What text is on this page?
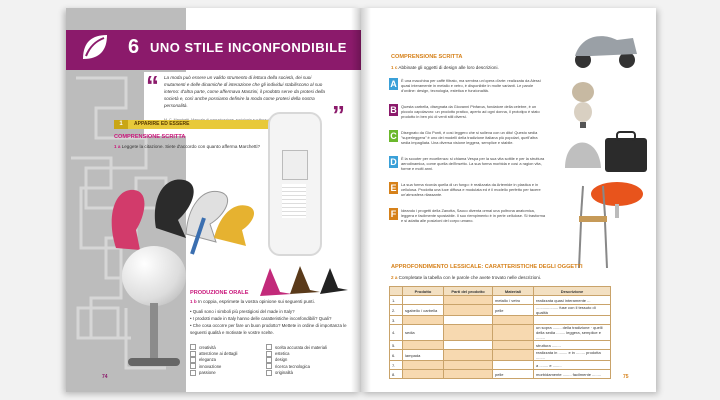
6 UNO STILE INCONFONDIBILE
“ La moda può essere un valido strumento di lettura della società, dei suoi mutamenti e delle dinamiche di interazione che gli individui stabiliscono al suo interno: d'altra parte, come affermava Manzini, il prodotto serve da protesi della società e, così anche possiamo definire la moda come protesi della nostra personalità.	”
1	APPARIRE ED ESSERE
COMPRENSIONE SCRITTA
1 a Leggete la citazione. Siete d'accordo con quanto afferma Marchetti?
PRODUZIONE ORALE
1 b In coppia, esprimete la vostra opinione sui seguenti punti.
• Quali sono i simboli più prestigiosi del made in Italy?
• I prodotti made in Italy hanno delle caratteristiche inconfondibili? Quali?
• Che cosa occorre per fare un buon prodotto? Mettete in ordine di importanza le seguenti qualità e motivate le vostre scelte.
creatività
attenzione ai dettagli
eleganza
innovazione
passione
scelta accurata dei materiali
estetica
design
ricerca tecnologica
originalità
74
COMPRENSIONE SCRITTA
1 c Abbinate gli oggetti di design alle loro descrizioni.
A	È una macchina per caffè filtrato, ma sembra un'opera d'arte: realizzata da Alessi quasi interamente in metallo e vetro, è disponibile in molte varianti. Le parole d'ordine: design, tecnologia, estetica e funzionalità.
B	Questa carbella, disegnata da Giovanni Pinfaroa, fondatore della celebre, è un piccolo capolavoro: un prodotto pratico, aperto ad ogni donna, il prototipo è stato prodotto in ben più di venti stili diversi.
C	Disegnato da Gio Ponti, è così leggero che si solleva con un dito! Questo sedia "superleggera" è uno dei modelli della tradizione italiana più popolari, quell'altra sedia impagliata. Una diversa visione leggera, semplice e stabile.
D	È la scooter per eccellenza: si chiama Vespa per la sua vita sottile e per la struttura aerodinamica, come quella dell'insetto. La sua forma morbida e così a ragion vita, forme e molti anni.
E	La sua forma ricorda quella di un fungo: è realizzata da Artemide in plastica e in cellulosa. Prodotta una luce diffusa e modulata ed è il modello perfetto per tacere un'atmosfera rilassante.
F	Ideando i progetti della Zanotta, Sacco diventa ormai una poltrona anatomica, leggera e facilmente spostabile. Il suo riempimento è in perle cellulose. Si trasforma e si adatta alle posizioni del corpo umano.
APPROFONDIMENTO LESSICALE: CARATTERISTICHE DEGLI OGGETTI
2 a Completate la tabella con le parole che avete trovato nelle descrizioni.
	Prodotto	Parti del prodotto	Materiali	Descrizione
1.			metallo / vetro	realizzata quasi interamente ...
2.	sgabello / carbella		pelle	.................... fuse con il tessuto di qualità
3.				
4.	sedia			un sopra ........ della tradizione · quelli della sedia ........ leggera, semplice e ........
5.				struttura ........
6.	lampada			realizzata in ........ e in ........ prodotta ........
7.				a ........ e ........
8.			pelle	morbidamente ........ facilmente ........	75
